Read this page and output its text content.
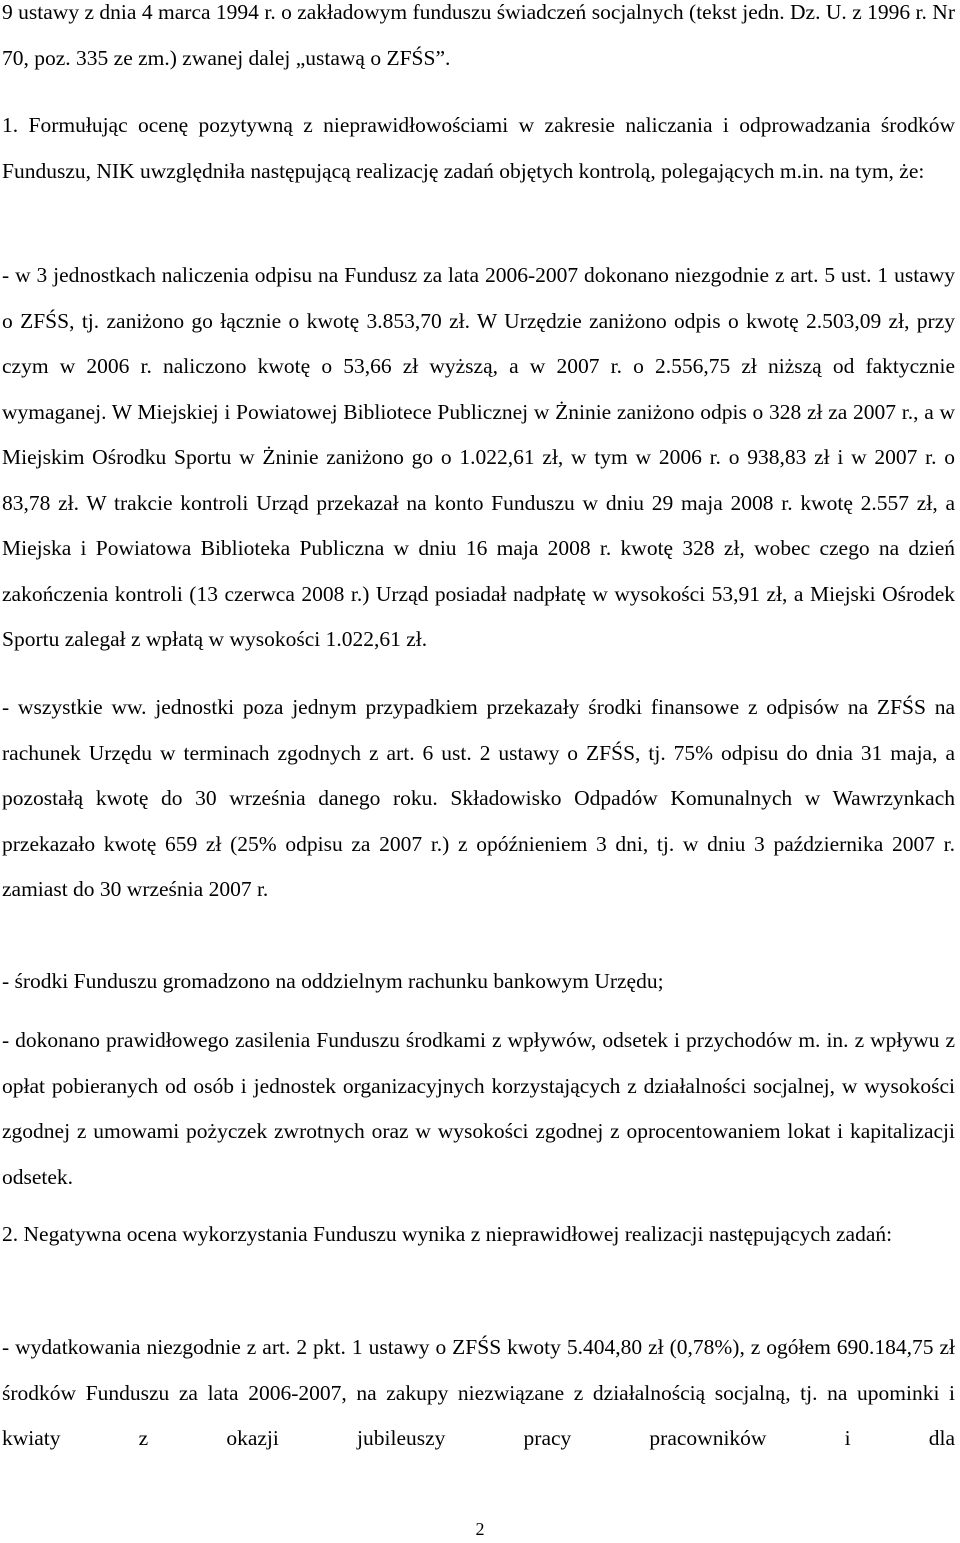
9 ustawy z dnia 4 marca 1994 r. o zakładowym funduszu świadczeń socjalnych (tekst jedn. Dz. U. z 1996 r. Nr 70, poz. 335 ze zm.) zwanej dalej „ustawą o ZFŚS”.

1. Formułując ocenę pozytywną z nieprawidłowościami w zakresie naliczania i odprowadzania środków Funduszu, NIK uwzględniła następującą realizację zadań objętych kontrolą, polegających m.in. na tym, że:

- w 3 jednostkach naliczenia odpisu na Fundusz za lata 2006-2007 dokonano niezgodnie z art. 5 ust. 1 ustawy o ZFŚS, tj. zaniżono go łącznie o kwotę 3.853,70 zł. W Urzędzie zaniżono odpis o kwotę 2.503,09 zł, przy czym w 2006 r. naliczono kwotę o 53,66 zł wyższą, a w 2007 r. o 2.556,75 zł niższą od faktycznie wymaganej. W Miejskiej i Powiatowej Bibliotece Publicznej w Żninie zaniżono odpis o 328 zł za 2007 r., a w Miejskim Ośrodku Sportu w Żninie zaniżono go o 1.022,61 zł, w tym w 2006 r. o 938,83 zł i w 2007 r. o 83,78 zł. W trakcie kontroli Urząd przekazał na konto Funduszu w dniu 29 maja 2008 r. kwotę 2.557 zł, a Miejska i Powiatowa Biblioteka Publiczna w dniu 16 maja 2008 r. kwotę 328 zł, wobec czego na dzień zakończenia kontroli (13 czerwca 2008 r.) Urząd posiadał nadpłatę w wysokości 53,91 zł, a Miejski Ośrodek Sportu zalegał z wpłatą w wysokości 1.022,61 zł.

- wszystkie ww. jednostki poza jednym przypadkiem przekazały środki finansowe z odpisów na ZFŚS na rachunek Urzędu w terminach zgodnych z art. 6 ust. 2 ustawy o ZFŚS, tj. 75% odpisu do dnia 31 maja, a pozostałą kwotę do 30 września danego roku. Składowisko Odpadów Komunalnych w Wawrzynkach przekazało kwotę 659 zł (25% odpisu za 2007 r.) z opóźnieniem 3 dni, tj. w dniu 3 października 2007 r. zamiast do 30 września 2007 r.

- środki Funduszu gromadzono na oddzielnym rachunku bankowym Urzędu;

- dokonano prawidłowego zasilenia Funduszu środkami z wpływów, odsetek i przychodów m. in. z wpływu z opłat pobieranych od osób i jednostek organizacyjnych korzystających z działalności socjalnej, w wysokości zgodnej z umowami pożyczek zwrotnych oraz w wysokości zgodnej z oprocentowaniem lokat i kapitalizacji odsetek.

2. Negatywna ocena wykorzystania Funduszu wynika z nieprawidłowej realizacji następujących zadań:

- wydatkowania niezgodnie z art. 2 pkt. 1 ustawy o ZFŚS kwoty 5.404,80 zł (0,78%), z ogółem 690.184,75 zł środków Funduszu za lata 2006-2007, na zakupy niezwiązane z działalnością socjalną, tj. na upominki i kwiaty z okazji jubileuszy pracy pracowników i dla

2
